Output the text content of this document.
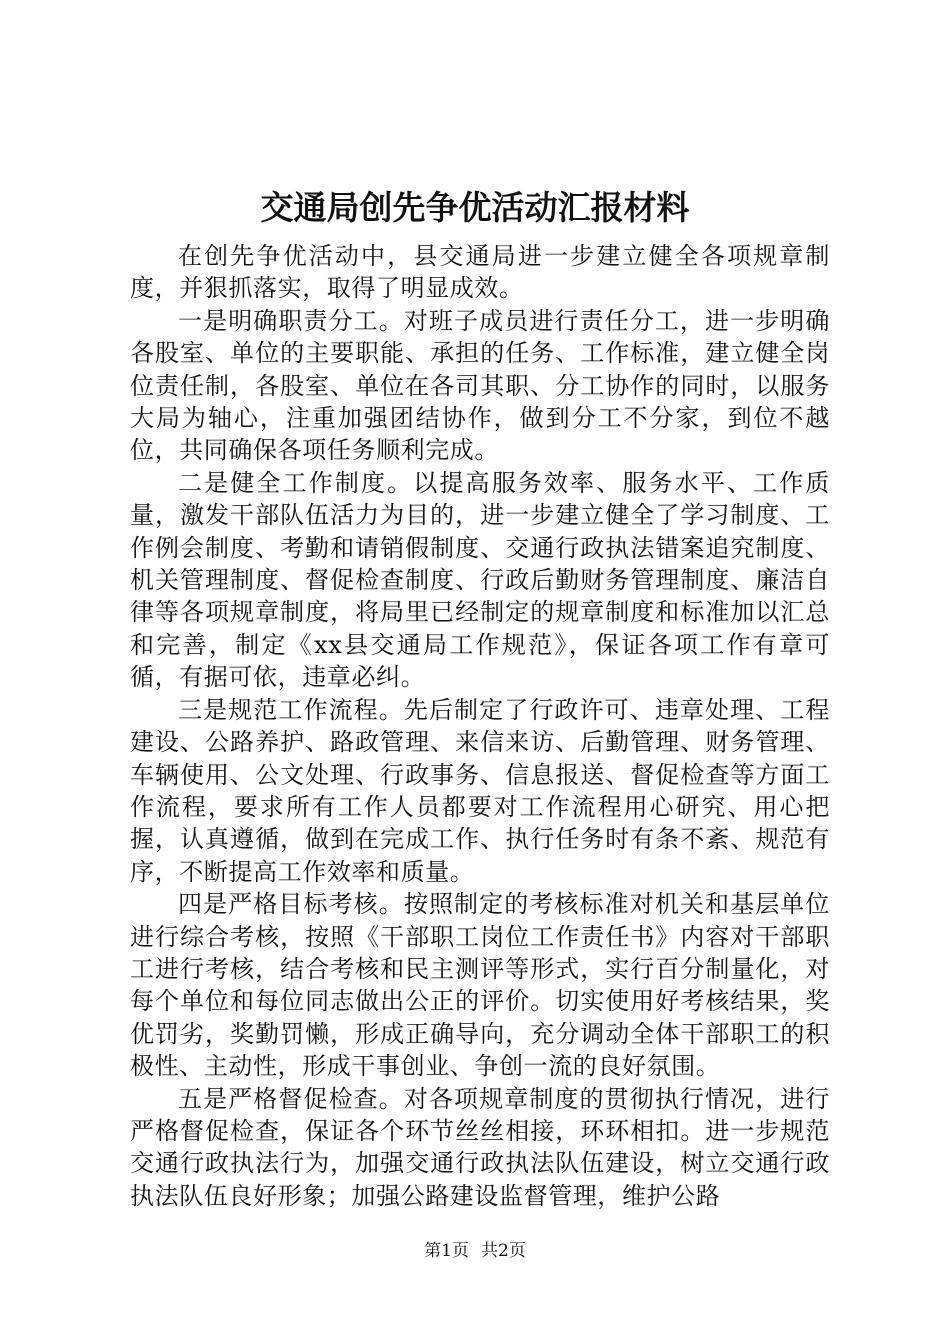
交通局创先争优活动汇报材料

在创先争优活动中，县交通局进一步建立健全各项规章制度，并狠抓落实，取得了明显成效。

一是明确职责分工。对班子成员进行责任分工，进一步明确各股室、单位的主要职能、承担的任务、工作标准，建立健全岗位责任制，各股室、单位在各司其职、分工协作的同时，以服务大局为轴心，注重加强团结协作，做到分工不分家，到位不越位，共同确保各项任务顺利完成。

二是健全工作制度。以提高服务效率、服务水平、工作质量，激发干部队伍活力为目的，进一步建立健全了学习制度、工作例会制度、考勤和请销假制度、交通行政执法错案追究制度、机关管理制度、督促检查制度、行政后勤财务管理制度、廉洁自律等各项规章制度，将局里已经制定的规章制度和标准加以汇总和完善，制定《xx县交通局工作规范》，保证各项工作有章可循，有据可依，违章必纠。

三是规范工作流程。先后制定了行政许可、违章处理、工程建设、公路养护、路政管理、来信来访、后勤管理、财务管理、车辆使用、公文处理、行政事务、信息报送、督促检查等方面工作流程，要求所有工作人员都要对工作流程用心研究、用心把握，认真遵循，做到在完成工作、执行任务时有条不紊、规范有序，不断提高工作效率和质量。

四是严格目标考核。按照制定的考核标准对机关和基层单位进行综合考核，按照《干部职工岗位工作责任书》内容对干部职工进行考核，结合考核和民主测评等形式，实行百分制量化，对每个单位和每位同志做出公正的评价。切实使用好考核结果，奖优罚劣，奖勤罚懒，形成正确导向，充分调动全体干部职工的积极性、主动性，形成干事创业、争创一流的良好氛围。

五是严格督促检查。对各项规章制度的贯彻执行情况，进行严格督促检查，保证各个环节丝丝相接，环环相扣。进一步规范交通行政执法行为，加强交通行政执法队伍建设，树立交通行政执法队伍良好形象；加强公路建设监督管理，维护公路

第1页 共2页
